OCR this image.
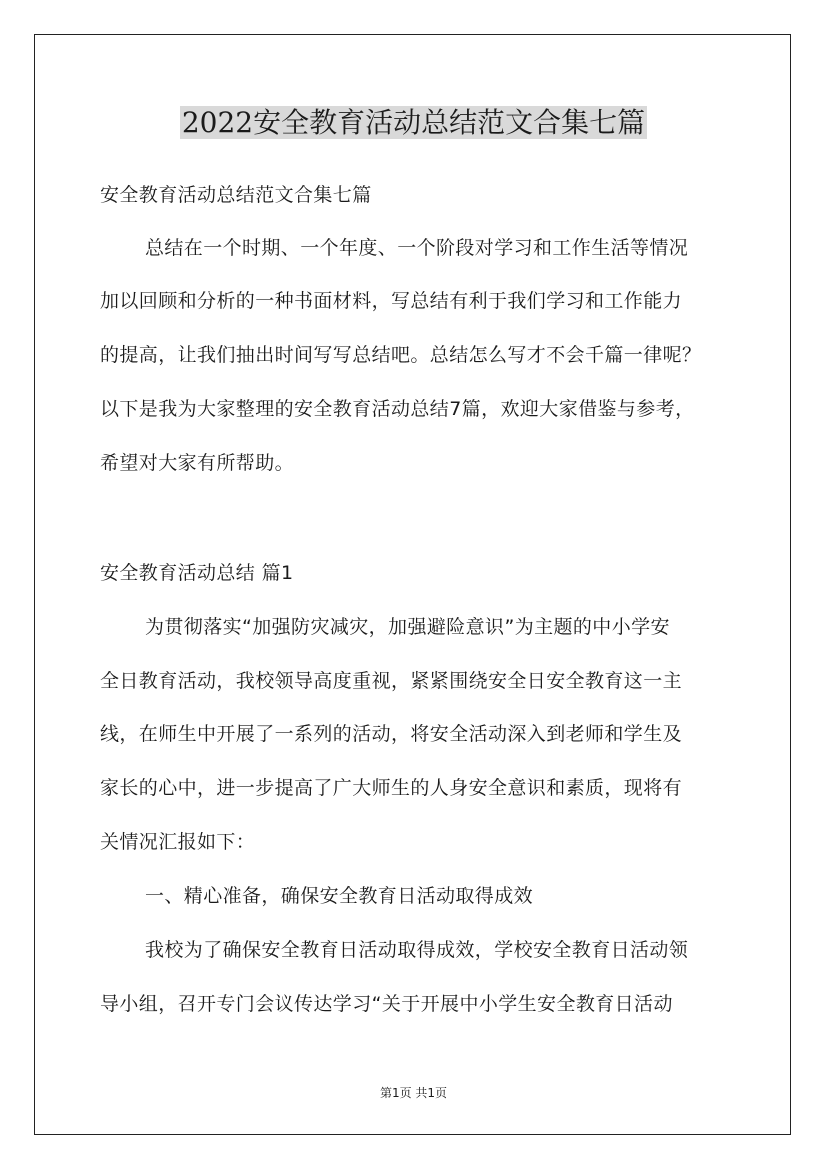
2022安全教育活动总结范文合集七篇
安全教育活动总结范文合集七篇
总结在一个时期、一个年度、一个阶段对学习和工作生活等情况
加以回顾和分析的一种书面材料，写总结有利于我们学习和工作能力
的提高，让我们抽出时间写写总结吧。总结怎么写才不会千篇一律呢？
以下是我为大家整理的安全教育活动总结7篇，欢迎大家借鉴与参考，
希望对大家有所帮助。
安全教育活动总结 篇1
为贯彻落实“加强防灾减灾，加强避险意识”为主题的中小学安
全日教育活动，我校领导高度重视，紧紧围绕安全日安全教育这一主
线，在师生中开展了一系列的活动，将安全活动深入到老师和学生及
家长的心中，进一步提高了广大师生的人身安全意识和素质，现将有
关情况汇报如下：
一、精心准备，确保安全教育日活动取得成效
我校为了确保安全教育日活动取得成效，学校安全教育日活动领
导小组，召开专门会议传达学习“关于开展中小学生安全教育日活动
第1页 共1页
